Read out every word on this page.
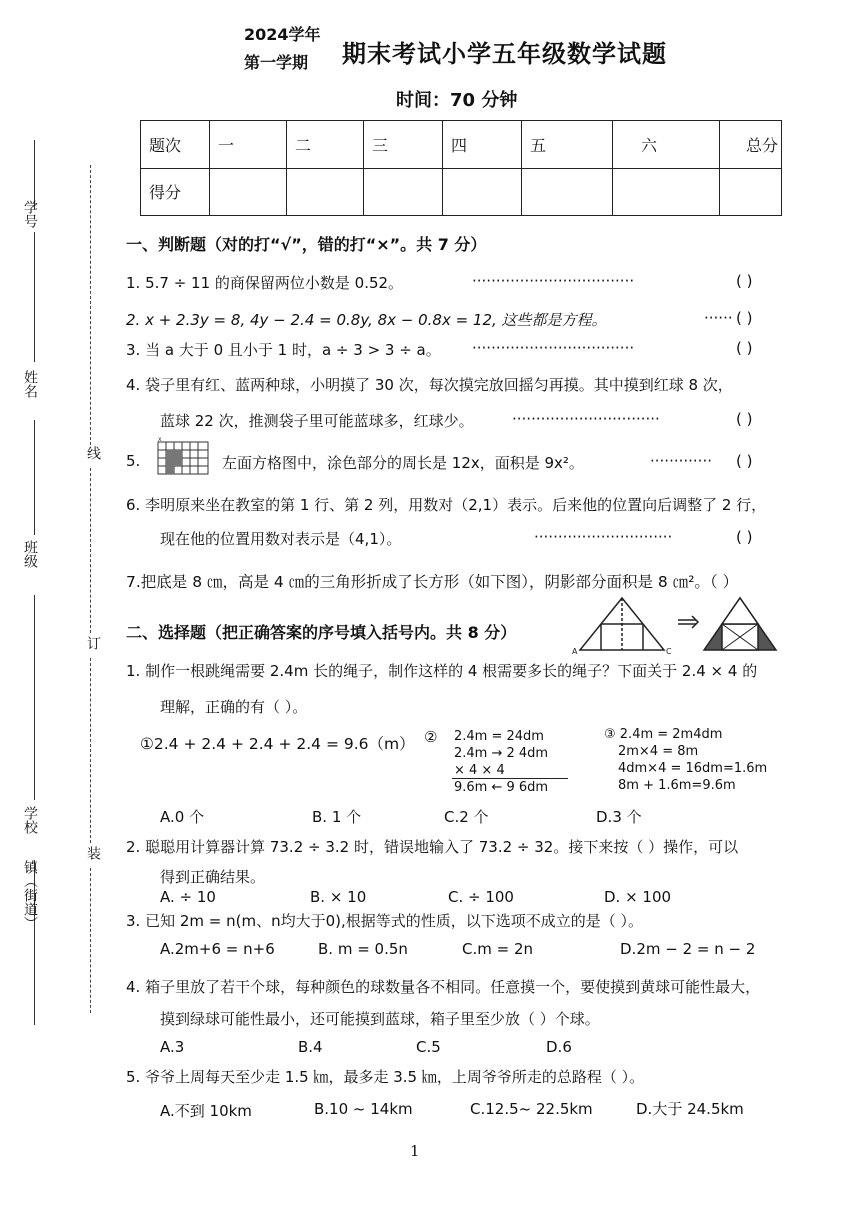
2024学年
第一学期 期末考试小学五年级数学试题
时间：70 分钟
题次	一	二	三	四	五	六	总分
得分							
学号
姓名
班级
学校
镇（街道）
线
订
装
一、判断题（对的打“√”，错的打“×”。共 7 分）
1. 5.7 ÷ 11 的商保留两位小数是 0.52。	··································	( )
2. x + 2.3y = 8, 4y − 2.4 = 0.8y, 8x − 0.8x = 12, 这些都是方程。	······ ( )
3. 当 a 大于 0 且小于 1 时，a ÷ 3 > 3 ÷ a。 ··································	( )
4. 袋子里有红、蓝两种球，小明摸了 30 次，每次摸完放回摇匀再摸。其中摸到红球 8 次，
蓝球 22 次，推测袋子里可能蓝球多，红球少。	·······························	( )
5.
x
左面方格图中，涂色部分的周长是 12x，面积是 9x²。	············· ( )
6. 李明原来坐在教室的第 1 行、第 2 列，用数对（2,1）表示。后来他的位置向后调整了 2 行，
现在他的位置用数对表示是（4,1）。	·····························	( )
7.把底是 8 ㎝，高是 4 ㎝的三角形折成了长方形（如下图），阴影部分面积是 8 ㎝²。（ ）
二、选择题（把正确答案的序号填入括号内。共 8 分）
A	C
1. 制作一根跳绳需要 2.4m 长的绳子，制作这样的 4 根需要多长的绳子？下面关于 2.4 × 4 的
理解，正确的有（ ）。
①2.4 + 2.4 + 2.4 + 2.4 = 9.6（m） ② 2.4m = 24dm
2.4m → 2 4dm
× 4 × 4
9.6m ← 9 6dm
③ 2.4m = 2m4dm
2m×4 = 8m
4dm×4 = 16dm=1.6m
8m + 1.6m=9.6m
A.0 个	B. 1 个	C.2 个	D.3 个
2. 聪聪用计算器计算 73.2 ÷ 3.2 时，错误地输入了 73.2 ÷ 32。接下来按（ ）操作，可以
得到正确结果。
A. ÷ 10	B. × 10	C. ÷ 100	D. × 100
3. 已知 2m = n(m、n均大于0),根据等式的性质，以下选项不成立的是（ ）。
A.2m+6 = n+6	B. m = 0.5n	C.m = 2n	D.2m − 2 = n − 2
4. 箱子里放了若干个球，每种颜色的球数量各不相同。任意摸一个，要使摸到黄球可能性最大，
摸到绿球可能性最小，还可能摸到蓝球，箱子里至少放（ ）个球。
A.3	B.4	C.5	D.6
5. 爷爷上周每天至少走 1.5 ㎞，最多走 3.5 ㎞，上周爷爷所走的总路程（ ）。
A.不到 10km	B.10 ~ 14km	C.12.5~ 22.5km	D.大于 24.5km
1
